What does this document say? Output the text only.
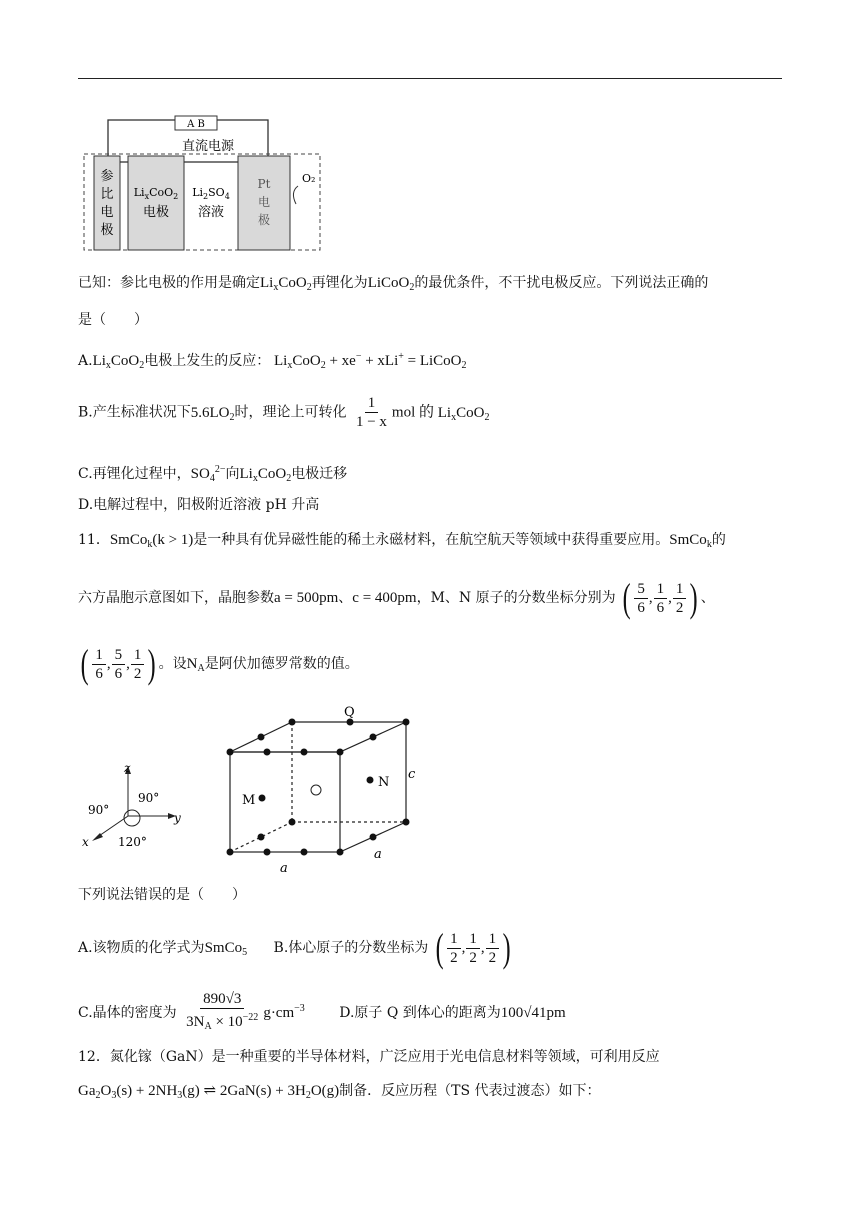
A B
直流电源
O₂
参
比
电
极
$Li_xCoO_2$
电极
$Li_2SO_4$
溶液
Pt
电
极
已知：参比电极的作用是确定$Li_xCoO_2$再锂化为LiCoO$_2$的最优条件，不干扰电极反应。下列说法正确的
是（　　）
$A.Li_xCoO_2$电极上发生的反应： $Li_xCoO_2 + xe^- + xLi^+$ = LiCoO$_2$
B.产生标准状况下$5.6LO_2$时，理论上可转化 $\frac{1}{1 - x}$ mol 的 $Li_xCoO_2$
C.再锂化过程中，$SO_4^{2-}$向$Li_xCoO_2$电极迁移
D.电解过程中，阳极附近溶液 pH 升高
11．SmCo$_k$(k > 1)是一种具有优异磁性能的稀土永磁材料，在航空航天等领域中获得重要应用。SmCo$_k$的
六方晶胞示意图如下，晶胞参数a = 500pm、c = 400pm，M、N 原子的分数坐标分别为 ( $\frac{5}{6}$ , $\frac{1}{6}$ , $\frac{1}{2}$ ) 、
( $\frac{1}{6}$ , $\frac{5}{6}$ , $\frac{1}{2}$ ) 。设$N_A$是阿伏加德罗常数的值。
z
y
x
90°
90°
120°
Q
M
N
c
a
a
下列说法错误的是（　　）
A.该物质的化学式为SmCo$_5$ B.体心原子的分数坐标为 ( $\frac{1}{2}$ , $\frac{1}{2}$ , $\frac{1}{2}$ )
C.晶体的密度为 $\frac{890√3}{3N_A \times 10^{-22}} g\cdot cm^{-3}$ D.原子 Q 到体心的距离为100√41pm
12．氮化镓（GaN）是一种重要的半导体材料，广泛应用于光电信息材料等领域，可利用反应
$Ga_2O_3(s) + 2NH_3(g)$ ⇌ $2GaN(s) + 3H_2O(g)$制备．反应历程（TS 代表过渡态）如下：
